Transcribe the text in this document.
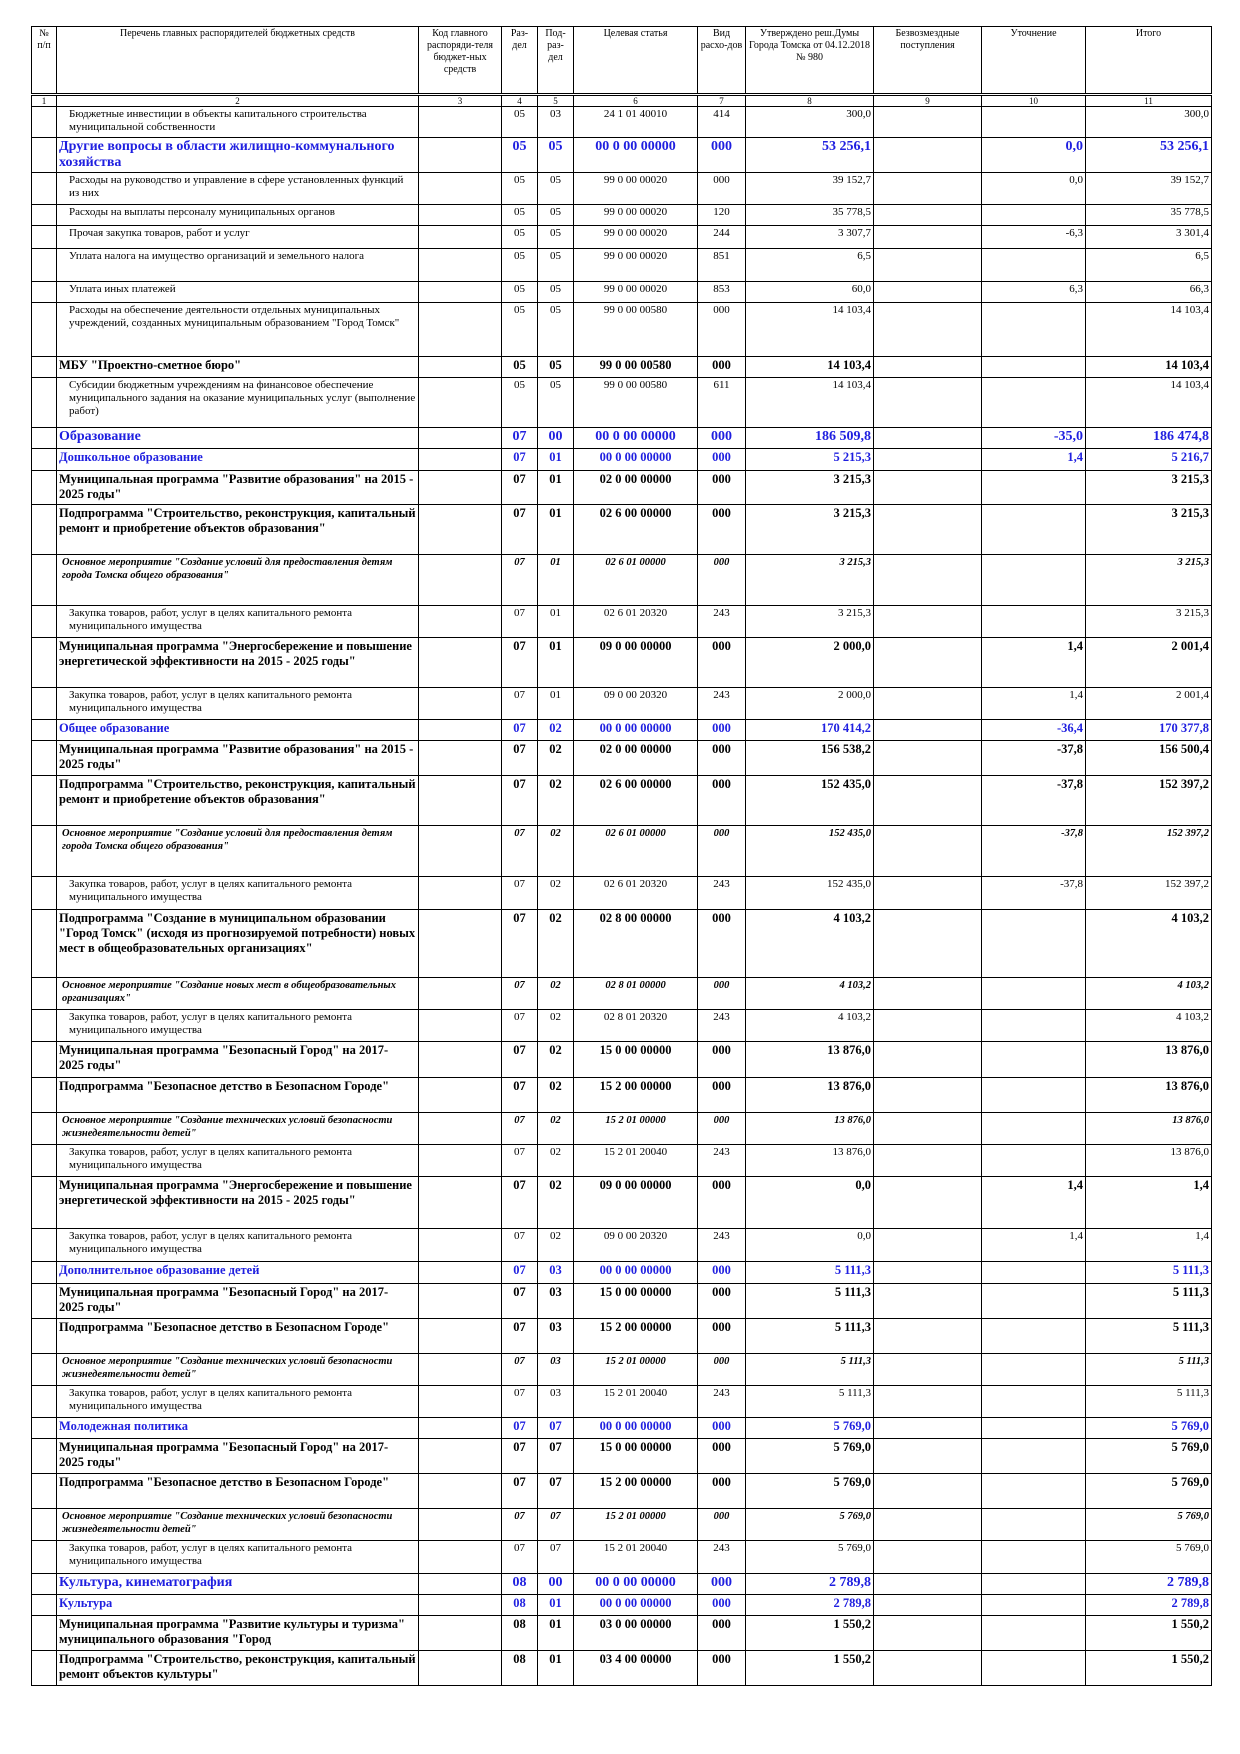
№ п/п	Перечень главных распорядителей бюджетных средств	Код главного распоряди-теля бюджет-ных средств	Раз-дел	Под-раз-дел	Целевая статья	Вид расхо-дов	Утверждено реш.Думы Города Томска от 04.12.2018 № 980	Безвозмездные поступления	Уточнение	Итого
1	2	3	4	5	6	7	8	9	10	11
	Бюджетные инвестиции в объекты капитального строительства муниципальной собственности		05	03	24 1 01 40010	414	300,0			300,0
	Другие вопросы в области жилищно-коммунального хозяйства		05	05	00 0 00 00000	000	53 256,1		0,0	53 256,1
	Расходы на руководство и управление в сфере установленных функций из них		05	05	99 0 00 00020	000	39 152,7		0,0	39 152,7
	Расходы на выплаты персоналу муниципальных органов		05	05	99 0 00 00020	120	35 778,5			35 778,5
	Прочая закупка товаров, работ и услуг		05	05	99 0 00 00020	244	3 307,7		-6,3	3 301,4
	Уплата налога на имущество организаций и земельного налога		05	05	99 0 00 00020	851	6,5			6,5
	Уплата иных платежей		05	05	99 0 00 00020	853	60,0		6,3	66,3
	Расходы на обеспечение деятельности отдельных муниципальных учреждений, созданных муниципальным образованием "Город Томск"		05	05	99 0 00 00580	000	14 103,4			14 103,4
	МБУ "Проектно-сметное бюро"		05	05	99 0 00 00580	000	14 103,4			14 103,4
	Субсидии бюджетным учреждениям на финансовое обеспечение муниципального задания на оказание муниципальных услуг (выполнение работ)		05	05	99 0 00 00580	611	14 103,4			14 103,4
	Образование		07	00	00 0 00 00000	000	186 509,8		-35,0	186 474,8
	Дошкольное образование		07	01	00 0 00 00000	000	5 215,3		1,4	5 216,7
	Муниципальная программа "Развитие образования" на 2015 - 2025 годы"		07	01	02 0 00 00000	000	3 215,3			3 215,3
	Подпрограмма "Строительство, реконструкция, капитальный ремонт и приобретение объектов образования"		07	01	02 6 00 00000	000	3 215,3			3 215,3
	Основное мероприятие "Создание условий для предоставления детям города Томска общего образования"		07	01	02 6 01 00000	000	3 215,3			3 215,3
	Закупка товаров, работ, услуг в целях капитального ремонта муниципального имущества		07	01	02 6 01 20320	243	3 215,3			3 215,3
	Муниципальная программа "Энергосбережение и повышение энергетической эффективности на 2015 - 2025 годы"		07	01	09 0 00 00000	000	2 000,0		1,4	2 001,4
	Закупка товаров, работ, услуг в целях капитального ремонта муниципального имущества		07	01	09 0 00 20320	243	2 000,0		1,4	2 001,4
	Общее образование		07	02	00 0 00 00000	000	170 414,2		-36,4	170 377,8
	Муниципальная программа "Развитие образования" на 2015 - 2025 годы"		07	02	02 0 00 00000	000	156 538,2		-37,8	156 500,4
	Подпрограмма "Строительство, реконструкция, капитальный ремонт и приобретение объектов образования"		07	02	02 6 00 00000	000	152 435,0		-37,8	152 397,2
	Основное мероприятие "Создание условий для предоставления детям города Томска общего образования"		07	02	02 6 01 00000	000	152 435,0		-37,8	152 397,2
	Закупка товаров, работ, услуг в целях капитального ремонта муниципального имущества		07	02	02 6 01 20320	243	152 435,0		-37,8	152 397,2
	Подпрограмма "Создание в муниципальном образовании "Город Томск" (исходя из прогнозируемой потребности) новых мест в общеобразовательных организациях"		07	02	02 8 00 00000	000	4 103,2			4 103,2
	Основное мероприятие "Создание новых мест в общеобразовательных организациях"		07	02	02 8 01 00000	000	4 103,2			4 103,2
	Закупка товаров, работ, услуг в целях капитального ремонта муниципального имущества		07	02	02 8 01 20320	243	4 103,2			4 103,2
	Муниципальная программа "Безопасный Город" на 2017- 2025 годы"		07	02	15 0 00 00000	000	13 876,0			13 876,0
	Подпрограмма "Безопасное детство в Безопасном Городе"		07	02	15 2 00 00000	000	13 876,0			13 876,0
	Основное мероприятие "Создание технических условий безопасности жизнедеятельности детей"		07	02	15 2 01 00000	000	13 876,0			13 876,0
	Закупка товаров, работ, услуг в целях капитального ремонта муниципального имущества		07	02	15 2 01 20040	243	13 876,0			13 876,0
	Муниципальная программа "Энергосбережение и повышение энергетической эффективности на 2015 - 2025 годы"		07	02	09 0 00 00000	000	0,0		1,4	1,4
	Закупка товаров, работ, услуг в целях капитального ремонта муниципального имущества		07	02	09 0 00 20320	243	0,0		1,4	1,4
	Дополнительное образование детей		07	03	00 0 00 00000	000	5 111,3			5 111,3
	Муниципальная программа "Безопасный Город" на 2017- 2025 годы"		07	03	15 0 00 00000	000	5 111,3			5 111,3
	Подпрограмма "Безопасное детство в Безопасном Городе"		07	03	15 2 00 00000	000	5 111,3			5 111,3
	Основное мероприятие "Создание технических условий безопасности жизнедеятельности детей"		07	03	15 2 01 00000	000	5 111,3			5 111,3
	Закупка товаров, работ, услуг в целях капитального ремонта муниципального имущества		07	03	15 2 01 20040	243	5 111,3			5 111,3
	Молодежная политика		07	07	00 0 00 00000	000	5 769,0			5 769,0
	Муниципальная программа "Безопасный Город" на 2017- 2025 годы"		07	07	15 0 00 00000	000	5 769,0			5 769,0
	Подпрограмма "Безопасное детство в Безопасном Городе"		07	07	15 2 00 00000	000	5 769,0			5 769,0
	Основное мероприятие "Создание технических условий безопасности жизнедеятельности детей"		07	07	15 2 01 00000	000	5 769,0			5 769,0
	Закупка товаров, работ, услуг в целях капитального ремонта муниципального имущества		07	07	15 2 01 20040	243	5 769,0			5 769,0
	Культура, кинематография		08	00	00 0 00 00000	000	2 789,8			2 789,8
	Культура		08	01	00 0 00 00000	000	2 789,8			2 789,8
	Муниципальная программа "Развитие культуры и туризма" муниципального образования "Город		08	01	03 0 00 00000	000	1 550,2			1 550,2
	Подпрограмма "Строительство, реконструкция, капитальный ремонт объектов культуры"		08	01	03 4 00 00000	000	1 550,2			1 550,2
